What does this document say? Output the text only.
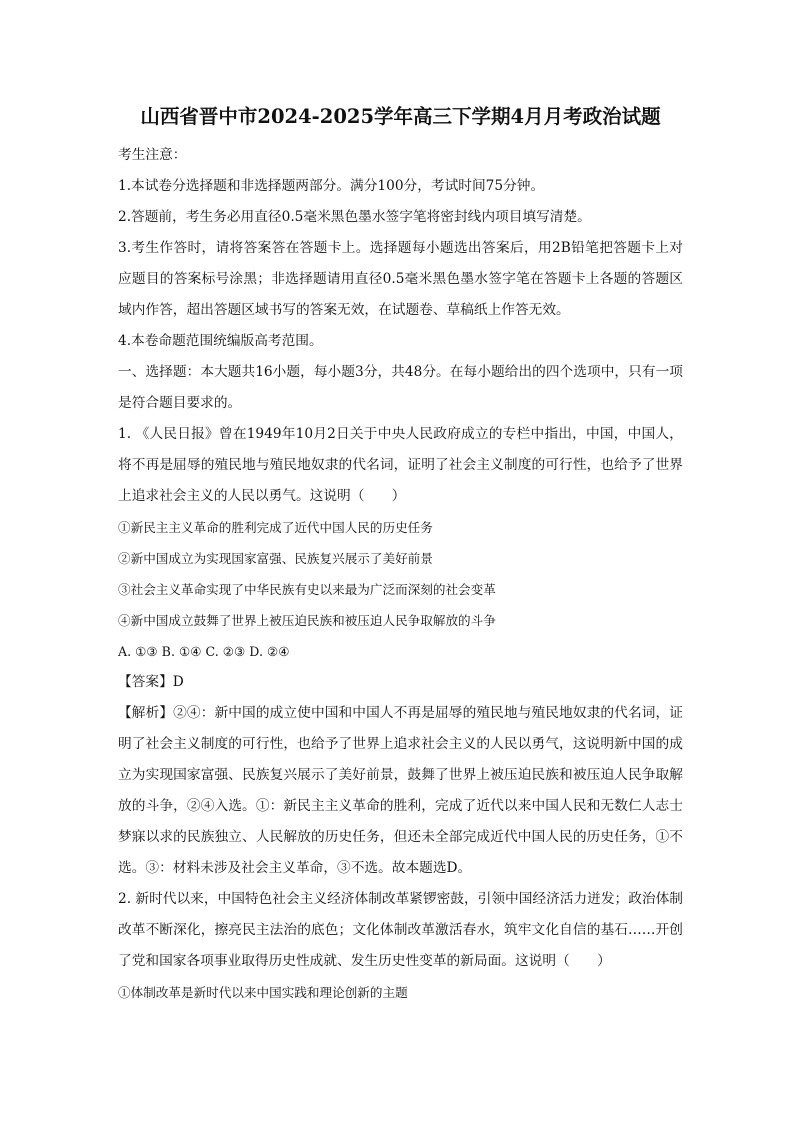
山西省晋中市2024-2025学年高三下学期4月月考政治试题

考生注意：

1.本试卷分选择题和非选择题两部分。满分100分，考试时间75分钟。

2.答题前，考生务必用直径0.5毫米黑色墨水签字笔将密封线内项目填写清楚。

3.考生作答时，请将答案答在答题卡上。选择题每小题选出答案后，用2B铅笔把答题卡上对应题目的答案标号涂黑；非选择题请用直径0.5毫米黑色墨水签字笔在答题卡上各题的答题区域内作答，超出答题区域书写的答案无效，在试题卷、草稿纸上作答无效。

4.本卷命题范围统编版高考范围。

一、选择题：本大题共16小题，每小题3分，共48分。在每小题给出的四个选项中，只有一项是符合题目要求的。

1. 《人民日报》曾在1949年10月2日关于中央人民政府成立的专栏中指出，中国，中国人，将不再是屈辱的殖民地与殖民地奴隶的代名词，证明了社会主义制度的可行性，也给予了世界上追求社会主义的人民以勇气。这说明（　　）

①新民主主义革命的胜利完成了近代中国人民的历史任务

②新中国成立为实现国家富强、民族复兴展示了美好前景

③社会主义革命实现了中华民族有史以来最为广泛而深刻的社会变革

④新中国成立鼓舞了世界上被压迫民族和被压迫人民争取解放的斗争

A. ①③ B. ①④ C. ②③ D. ②④

【答案】D

【解析】②④：新中国的成立使中国和中国人不再是屈辱的殖民地与殖民地奴隶的代名词，证明了社会主义制度的可行性，也给予了世界上追求社会主义的人民以勇气，这说明新中国的成立为实现国家富强、民族复兴展示了美好前景，鼓舞了世界上被压迫民族和被压迫人民争取解放的斗争，②④入选。①：新民主主义革命的胜利，完成了近代以来中国人民和无数仁人志士梦寐以求的民族独立、人民解放的历史任务，但还未全部完成近代中国人民的历史任务，①不选。③：材料未涉及社会主义革命，③不选。故本题选D。

2. 新时代以来，中国特色社会主义经济体制改革紧锣密鼓，引领中国经济活力迸发；政治体制改革不断深化，擦亮民主法治的底色；文化体制改革激活春水，筑牢文化自信的基石……开创了党和国家各项事业取得历史性成就、发生历史性变革的新局面。这说明（　　）

①体制改革是新时代以来中国实践和理论创新的主题
